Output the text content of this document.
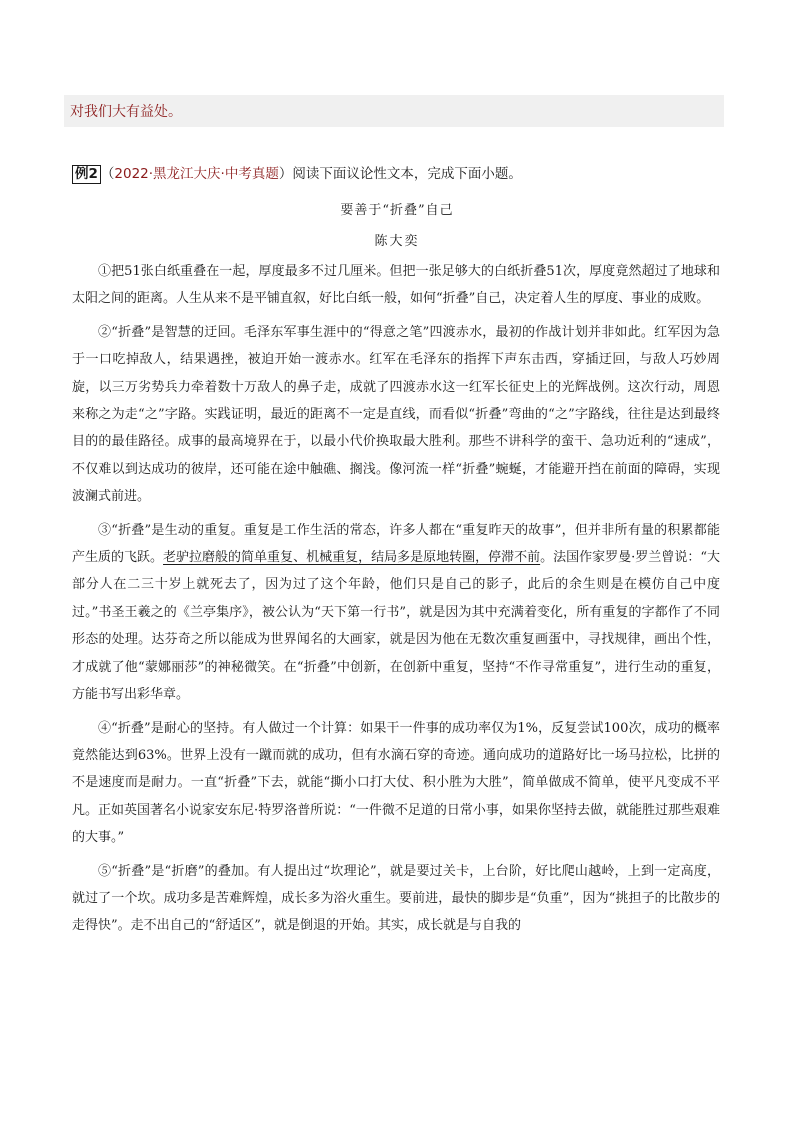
对我们大有益处。
例2 （2022·黑龙江大庆·中考真题）阅读下面议论性文本，完成下面小题。
要善于“折叠”自己
陈大奕

①把51张白纸重叠在一起，厚度最多不过几厘米。但把一张足够大的白纸折叠51次，厚度竟然超过了地球和太阳之间的距离。人生从来不是平铺直叙，好比白纸一般，如何“折叠”自己，决定着人生的厚度、事业的成败。

②“折叠”是智慧的迂回。毛泽东军事生涯中的“得意之笔”四渡赤水，最初的作战计划并非如此。红军因为急于一口吃掉敌人，结果遇挫，被迫开始一渡赤水。红军在毛泽东的指挥下声东击西，穿插迂回，与敌人巧妙周旋，以三万劣势兵力牵着数十万敌人的鼻子走，成就了四渡赤水这一红军长征史上的光辉战例。这次行动，周恩来称之为走“之”字路。实践证明，最近的距离不一定是直线，而看似“折叠”弯曲的“之”字路线，往往是达到最终目的的最佳路径。成事的最高境界在于，以最小代价换取最大胜利。那些不讲科学的蛮干、急功近利的“速成”，不仅难以到达成功的彼岸，还可能在途中触礁、搁浅。像河流一样“折叠”蜿蜒，才能避开挡在前面的障碍，实现波澜式前进。

③“折叠”是生动的重复。重复是工作生活的常态，许多人都在“重复昨天的故事”，但并非所有量的积累都能产生质的飞跃。老驴拉磨般的简单重复、机械重复，结局多是原地转圈，停滞不前。法国作家罗曼·罗兰曾说：“大部分人在二三十岁上就死去了，因为过了这个年龄，他们只是自己的影子，此后的余生则是在模仿自己中度过。”书圣王羲之的《兰亭集序》，被公认为“天下第一行书”，就是因为其中充满着变化，所有重复的字都作了不同形态的处理。达芬奇之所以能成为世界闻名的大画家，就是因为他在无数次重复画蛋中，寻找规律，画出个性，才成就了他“蒙娜丽莎”的神秘微笑。在“折叠”中创新，在创新中重复，坚持“不作寻常重复”，进行生动的重复，方能书写出彩华章。

④“折叠”是耐心的坚持。有人做过一个计算：如果干一件事的成功率仅为1%，反复尝试100次，成功的概率竟然能达到63%。世界上没有一蹴而就的成功，但有水滴石穿的奇迹。通向成功的道路好比一场马拉松，比拼的不是速度而是耐力。一直“折叠”下去，就能“撕小口打大仗、积小胜为大胜”，简单做成不简单，使平凡变成不平凡。正如英国著名小说家安东尼·特罗洛普所说：“一件微不足道的日常小事，如果你坚持去做，就能胜过那些艰难的大事。”

⑤“折叠”是“折磨”的叠加。有人提出过“坎理论”，就是要过关卡，上台阶，好比爬山越岭，上到一定高度，就过了一个坎。成功多是苦难辉煌，成长多为浴火重生。要前进，最快的脚步是“负重”，因为“挑担子的比散步的走得快”。走不出自己的“舒适区”，就是倒退的开始。其实，成长就是与自我的
